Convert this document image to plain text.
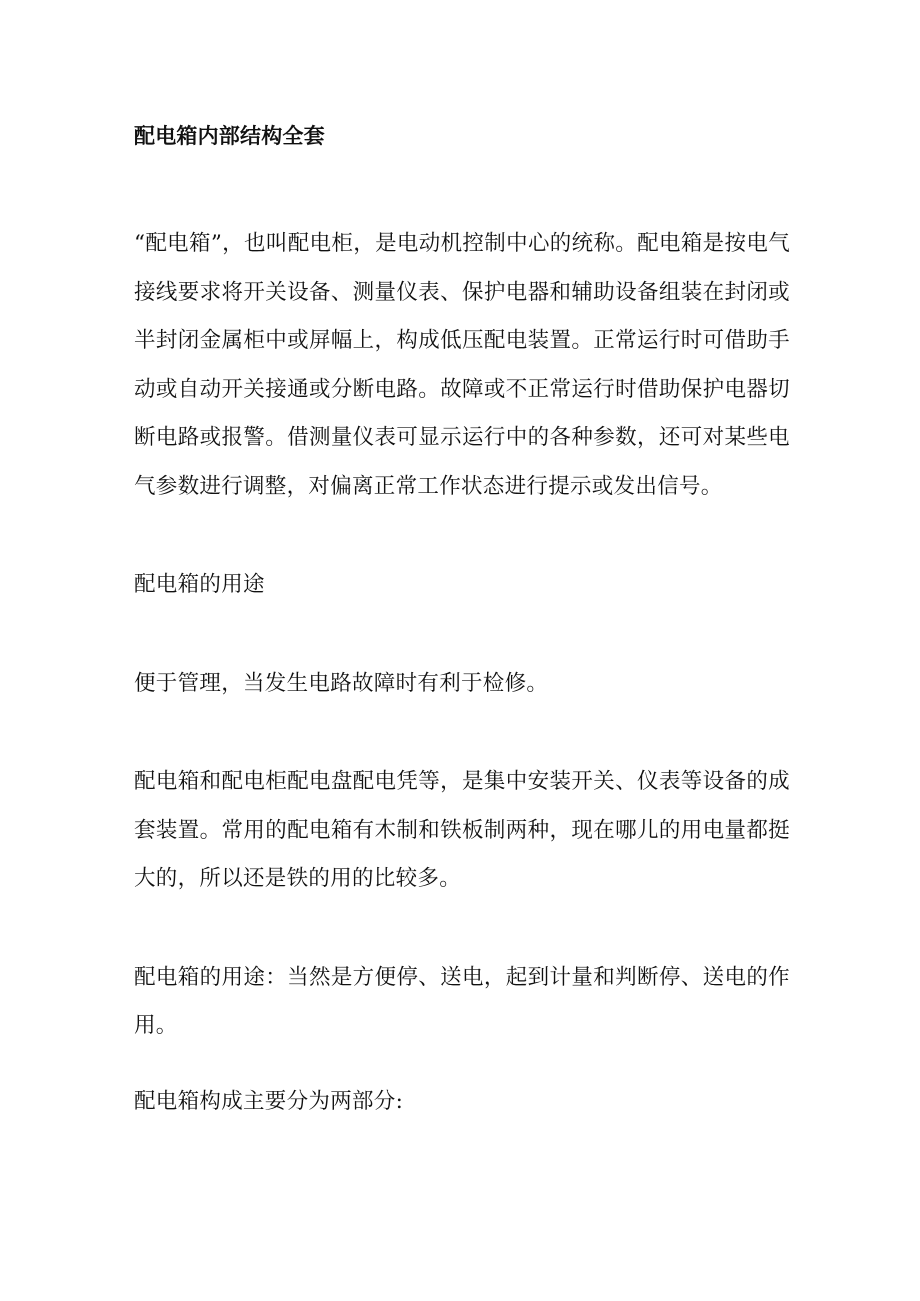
配电箱内部结构全套

“配电箱”，也叫配电柜，是电动机控制中心的统称。配电箱是按电气接线要求将开关设备、测量仪表、保护电器和辅助设备组装在封闭或半封闭金属柜中或屏幅上，构成低压配电装置。正常运行时可借助手动或自动开关接通或分断电路。故障或不正常运行时借助保护电器切断电路或报警。借测量仪表可显示运行中的各种参数，还可对某些电气参数进行调整，对偏离正常工作状态进行提示或发出信号。

配电箱的用途

便于管理，当发生电路故障时有利于检修。

配电箱和配电柜配电盘配电凭等，是集中安装开关、仪表等设备的成套装置。常用的配电箱有木制和铁板制两种，现在哪儿的用电量都挺大的，所以还是铁的用的比较多。

配电箱的用途：当然是方便停、送电，起到计量和判断停、送电的作用。

配电箱构成主要分为两部分:
